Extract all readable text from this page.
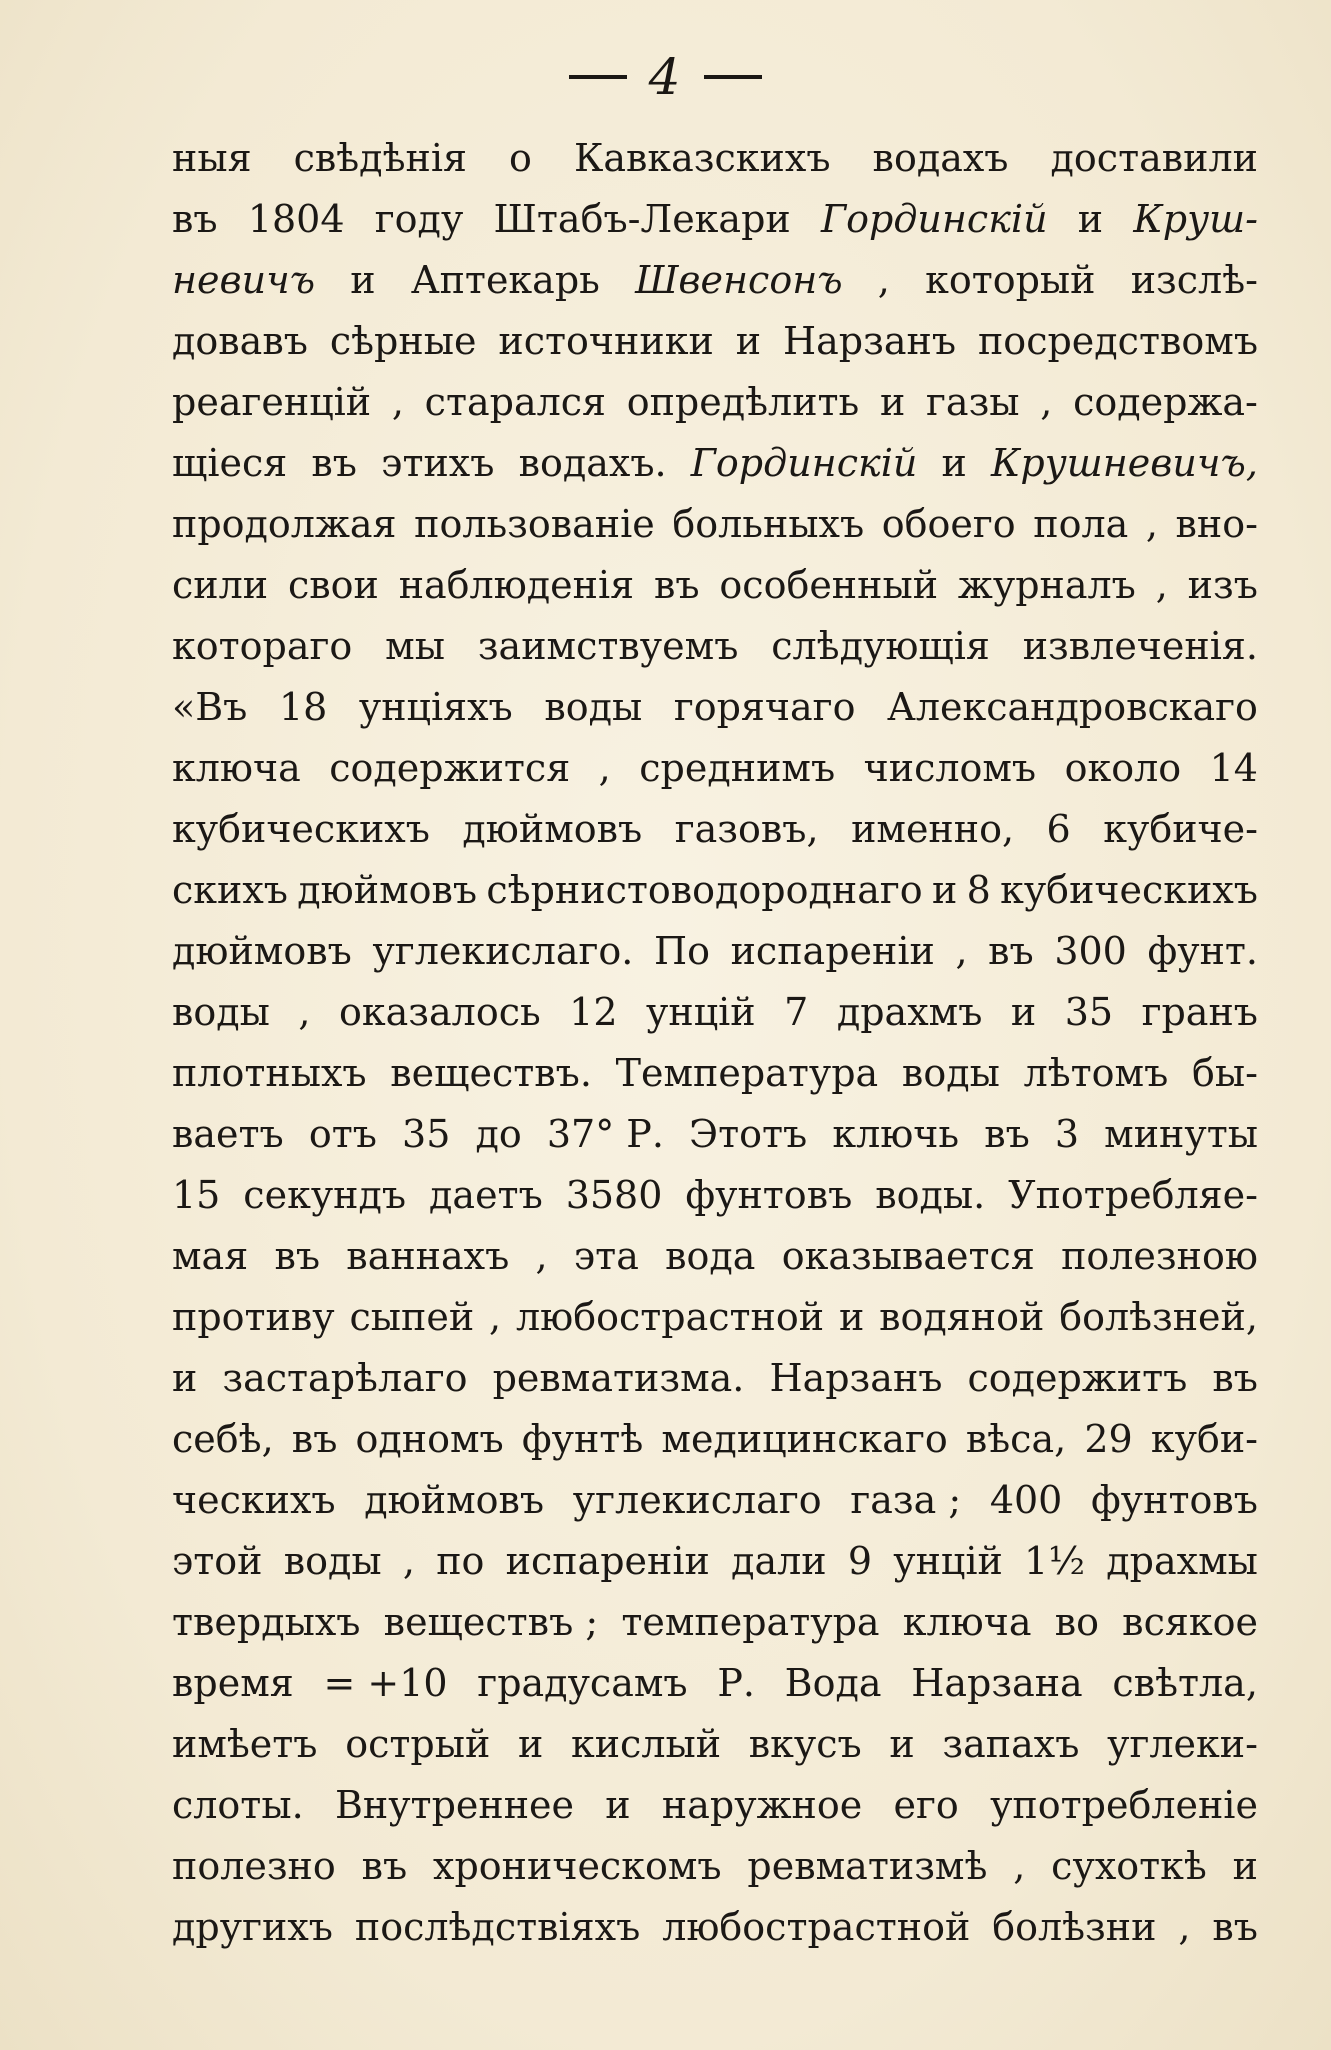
4
ныя свѣдѣнія о Кавказскихъ водахъ доставили
въ 1804 году Штабъ-Лекари Гординскій и Круш-
невичъ и Аптекарь Швенсонъ , который изслѣ-
довавъ сѣрные источники и Нарзанъ посредствомъ
реагенцій , старался опредѣлить и газы , содержа-
щіеся въ этихъ водахъ. Гординскій и Крушневичъ,
продолжая пользованіе больныхъ обоего пола , вно-
сили свои наблюденія въ особенный журналъ , изъ
котораго мы заимствуемъ слѣдующія извлеченія.
«Въ 18 унціяхъ воды горячаго Александровскаго
ключа содержится , среднимъ числомъ около 14
кубическихъ дюймовъ газовъ, именно, 6 кубиче-
скихъ дюймовъ сѣрнистоводороднаго и 8 кубическихъ
дюймовъ углекислаго. По испареніи , въ 300 фунт.
воды , оказалось 12 унцій 7 драхмъ и 35 гранъ
плотныхъ веществъ. Температура воды лѣтомъ бы-
ваетъ отъ 35 до 37° Р. Этотъ ключь въ 3 минуты
15 секундъ даетъ 3580 фунтовъ воды. Употребляе-
мая въ ваннахъ , эта вода оказывается полезною
противу сыпей , любострастной и водяной болѣзней,
и застарѣлаго ревматизма. Нарзанъ содержитъ въ
себѣ, въ одномъ фунтѣ медицинскаго вѣса, 29 куби-
ческихъ дюймовъ углекислаго газа ; 400 фунтовъ
этой воды , по испареніи дали 9 унцій 1½ драхмы
твердыхъ веществъ ; температура ключа во всякое
время = +10 градусамъ Р. Вода Нарзана свѣтла,
имѣетъ острый и кислый вкусъ и запахъ углеки-
слоты. Внутреннее и наружное его употребленіе
полезно въ хроническомъ ревматизмѣ , сухоткѣ и
другихъ послѣдствіяхъ любострастной болѣзни , въ
